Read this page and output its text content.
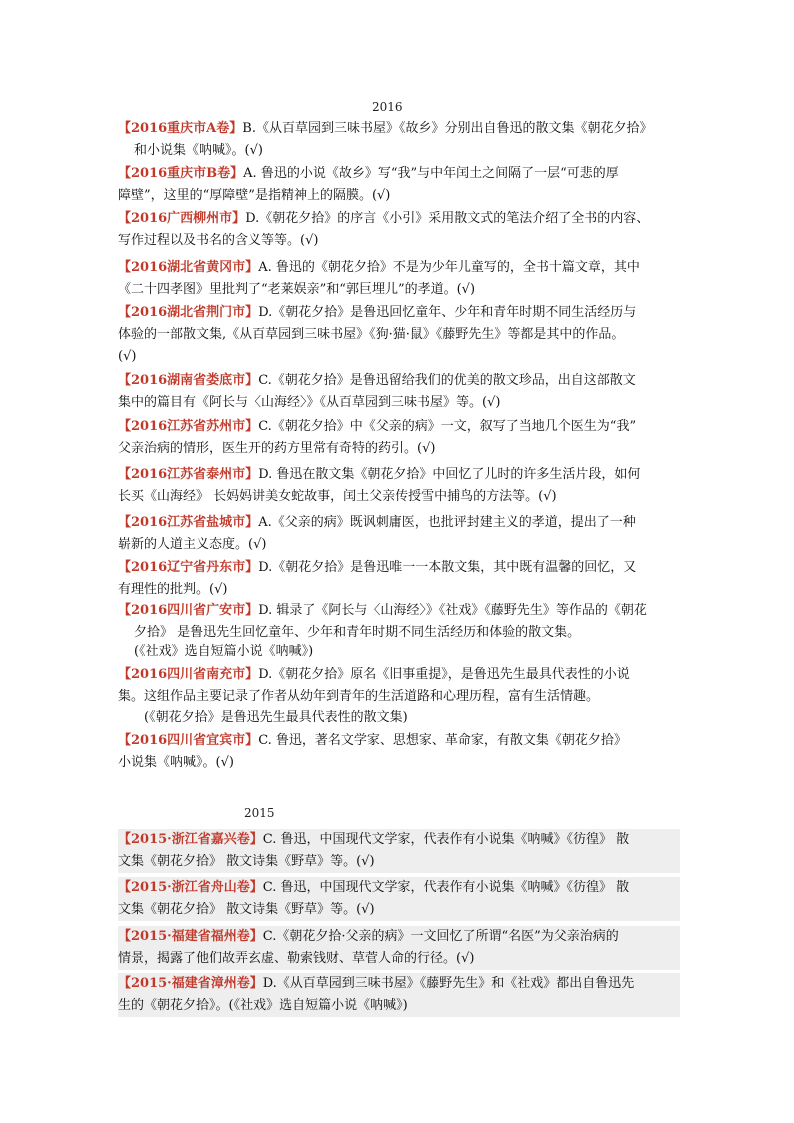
2016
【2016重庆市A卷】B.《从百草园到三味书屋》《故乡》分别出自鲁迅的散文集《朝花夕拾》
和小说集《呐喊》。(√)
【2016重庆市B卷】A. 鲁迅的小说《故乡》写“我”与中年闰土之间隔了一层“可悲的厚
障壁”，这里的“厚障壁”是指精神上的隔膜。(√)
【2016广西柳州市】D.《朝花夕拾》的序言《小引》采用散文式的笔法介绍了全书的内容、
写作过程以及书名的含义等等。(√)
【2016湖北省黄冈市】A. 鲁迅的《朝花夕拾》不是为少年儿童写的，全书十篇文章，其中
《二十四孝图》里批判了“老莱娱亲”和“郭巨埋儿”的孝道。(√)
【2016湖北省荆门市】D.《朝花夕拾》是鲁迅回忆童年、少年和青年时期不同生活经历与
体验的一部散文集,《从百草园到三味书屋》《狗·猫·鼠》《藤野先生》等都是其中的作品。
(√)
【2016湖南省娄底市】C.《朝花夕拾》是鲁迅留给我们的优美的散文珍品，出自这部散文
集中的篇目有《阿长与〈山海经〉》《从百草园到三味书屋》等。(√)
【2016江苏省苏州市】C.《朝花夕拾》中《父亲的病》一文，叙写了当地几个医生为“我”
父亲治病的情形，医生开的药方里常有奇特的药引。(√)
【2016江苏省泰州市】D. 鲁迅在散文集《朝花夕拾》中回忆了儿时的许多生活片段，如何
长买《山海经》 长妈妈讲美女蛇故事，闰土父亲传授雪中捕鸟的方法等。(√)
【2016江苏省盐城市】A.《父亲的病》既讽刺庸医，也批评封建主义的孝道，提出了一种
崭新的人道主义态度。(√)
【2016辽宁省丹东市】D.《朝花夕拾》是鲁迅唯一一本散文集，其中既有温馨的回忆，又
有理性的批判。(√)
【2016四川省广安市】D. 辑录了《阿长与〈山海经〉》《社戏》《藤野先生》等作品的《朝花
夕拾》 是鲁迅先生回忆童年、少年和青年时期不同生活经历和体验的散文集。
(《社戏》选自短篇小说《呐喊》)
【2016四川省南充市】D.《朝花夕拾》原名《旧事重提》，是鲁迅先生最具代表性的小说
集。这组作品主要记录了作者从幼年到青年的生活道路和心理历程，富有生活情趣。
(《朝花夕拾》是鲁迅先生最具代表性的散文集)
【2016四川省宜宾市】C. 鲁迅，著名文学家、思想家、革命家，有散文集《朝花夕拾》
小说集《呐喊》。(√)
2015
【2015·浙江省嘉兴卷】C. 鲁迅，中国现代文学家，代表作有小说集《呐喊》《彷徨》 散
文集《朝花夕拾》 散文诗集《野草》等。(√)
【2015·浙江省舟山卷】C. 鲁迅，中国现代文学家，代表作有小说集《呐喊》《彷徨》 散
文集《朝花夕拾》 散文诗集《野草》等。(√)
【2015·福建省福州卷】C.《朝花夕拾·父亲的病》一文回忆了所谓“名医”为父亲治病的
情景，揭露了他们故弄玄虚、勒索钱财、草菅人命的行径。(√)
【2015·福建省漳州卷】D.《从百草园到三味书屋》《藤野先生》和《社戏》都出自鲁迅先
生的《朝花夕拾》。(《社戏》选自短篇小说《呐喊》)
